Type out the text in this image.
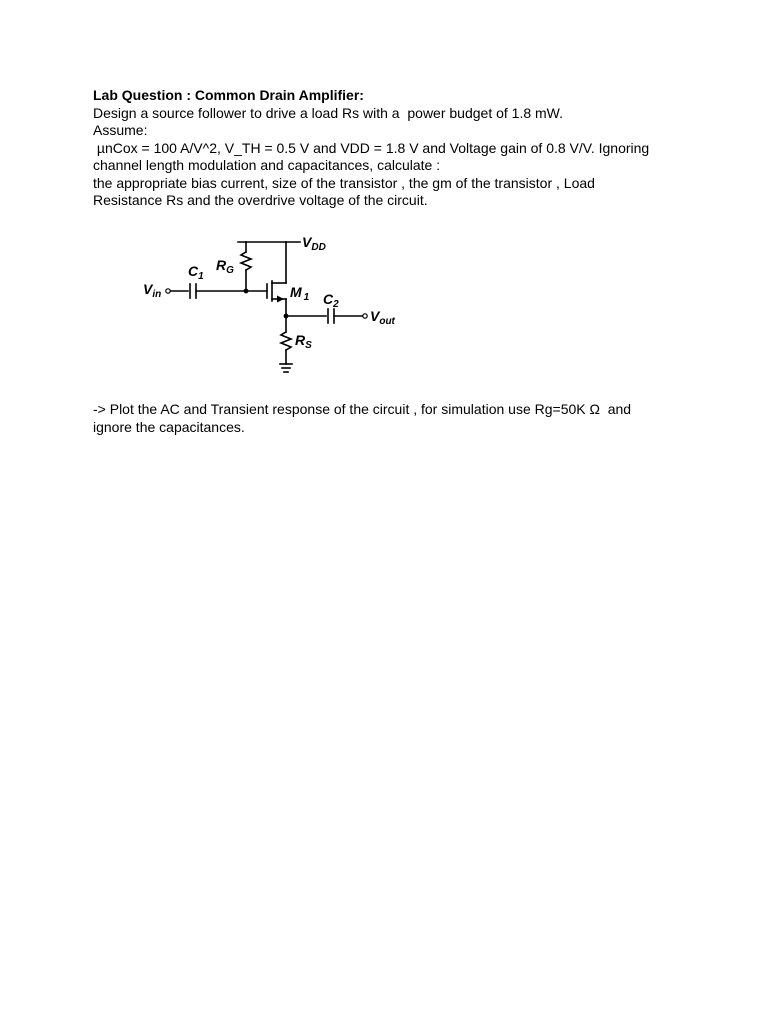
Lab Question : Common Drain Amplifier:
Design a source follower to drive a load Rs with a  power budget of 1.8 mW.
Assume:
µnCox = 100 A/V^2, V_TH = 0.5 V and VDD = 1.8 V and Voltage gain of 0.8 V/V. Ignoring
channel length modulation and capacitances, calculate :
the appropriate bias current, size of the transistor , the gm of the transistor , Load
Resistance Rs and the overdrive voltage of the circuit.
VDD
RG
C1
Vin	M 1 C2
Vout
RS
-> Plot the AC and Transient response of the circuit , for simulation use Rg=50K Ω  and
ignore the capacitances.
